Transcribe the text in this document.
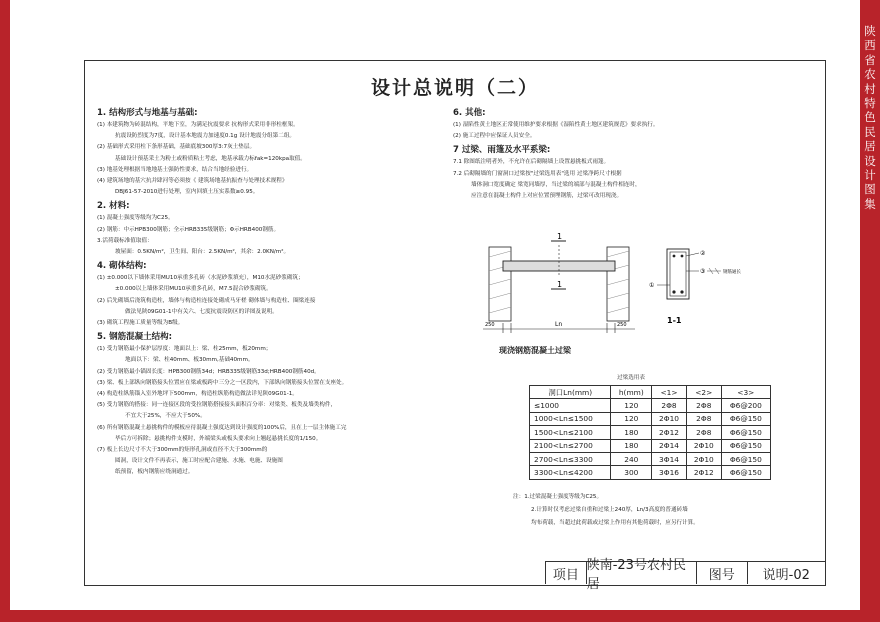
陕
西
省
农
村
特
色
民
居
设
计
图
集
设计总说明（二）
1. 结构形式与地基与基础:
(1) 本建筑物为砖混结构，平地下室，为满足抗震要求 抗构形式采用非形柱框架。
抗震设防烈度为7度，设计基本地震力加速度0.1g 设计地震分组第二组。
(2) 基础形式采用柱下条形基础，基础底坡300厚3:7灰土垫层。
基础设计预基采土为粉土或粉质粘土考虑，地基承载力标fak=120kpa取值。
(3) 地基处理根据当地地基土强防性要求，结合当地经验进行。
(4) 建筑场地的基穴抗并肆河等必须按《 建筑场地基抗振查与处理技术规程》
DBJ61-57-2010进行处理，室内回填土压实系数≥0.95。
2. 材料:
(1) 混凝土强度等级均为C25。
(2) 钢筋：中示HPB300钢筋；全示HRB335级钢筋；Φ示HRB400钢筋。
3.活荷载标准值取值：
坡屋面：0.5KN/m²，卫生间、阳台：2.5KN/m²，其余：2.0KN/m²。
4. 砌体结构:
(1) ±0.000以下墙体采用MU10承重多孔砖（水泥砂浆填充），M10水泥砂浆砌筑；
±0.000以上墙体采用MU10承重多孔砖，M7.5混合砂浆砌筑。
(2) 后先砌墙后浇筑构造柱，墙体与构造柱连接处砌成马牙槎 砌体墙与构造柱、圈梁连接
做法见陕09G01-1中有关六、七度抗震设防区的详图及说明。
(3) 砌筑工程施工质量等级为B级。
5. 钢筋混凝土结构:
(1) 受力钢筋最小保护层厚度：地面以上：梁、柱25mm，板20mm；
地面以下：梁、柱40mm、板30mm,基础40mm。
(2) 受力钢筋最小锚固长度：HPB300钢筋34d；HRB335级钢筋33d;HRB400钢筋40d。
(3) 梁、板上部纵向钢筋接头位置应在梁或板跨中三分之一区段内，下部纵向钢筋接头位置在支座处。
(4) 构造柱纵筋锚入室外地坪下500mm，构造柱纵筋构造做法详见陕09G01-1。
(5) 受力钢筋的搭接：同一连接区段的受拉钢筋搭接接头面积百分率：对梁类、板类及墙类构件，
不宜大于25%，不应大于50%。
(6) 所有钢筋混凝土悬挑构件的模板应待混凝土强度达到设计强度的100%后，且在上一层主体施工完
毕后方可拆除；悬挑构件支模时，外端梁头或板头要求向上翘起悬挑长度的1/150。
(7) 板上长边尺寸不大于300mm的矩形孔洞或直径不大于300mm的
圆洞，设计文件不再表示，施工时应配合建施、水施、电施、设施图
纸预留，板内钢筋应绕洞通过。
6. 其他:
(1) 湿陷性黄土地区正常使用维护要求根据《湿陷性黄土地区建筑规范》要求执行。
(2) 施工过程中应保证人员安全。
7 过梁、雨篷及水平系梁:
7.1 除图纸注明者外，不允许在后砌隔墙上设置悬挑板式雨篷。
7.2 后砌隔墙的门窗洞口过梁按"过梁选用表"选用 过梁净跨尺寸根据
墙体洞口宽度确定 梁宽同墙厚，当过梁的端部与混凝土构件相连时，
应注意在混凝土构件上对应位置预埋钢筋，过梁可改用现浇。
1
1
250	Ln	250
现浇钢筋混凝土过梁
②
③
①
钢筋通长
1-1
过梁选用表
洞口Ln(mm)	h(mm)	<1>	<2>	<3>
≤1000	120	2Φ8	2Φ8	Φ6@200
1000<Ln≤1500	120	2Φ10	2Φ8	Φ6@150
1500<Ln≤2100	180	2Φ12	2Φ8	Φ6@150
2100<Ln≤2700	180	2Φ14	2Φ10	Φ6@150
2700<Ln≤3300	240	3Φ14	2Φ10	Φ6@150
3300<Ln≤4200	300	3Φ16	2Φ12	Φ6@150
注：1.过梁混凝土强度等级为C25。
2.计算时仅考虑过梁自重和过梁上240厚，Ln/3高度的普通砖墙
均布荷载，当超过此荷载或过梁上作用有其他荷载时，应另行计算。
项目
陕南-23号农村民居
图号	说明-02
